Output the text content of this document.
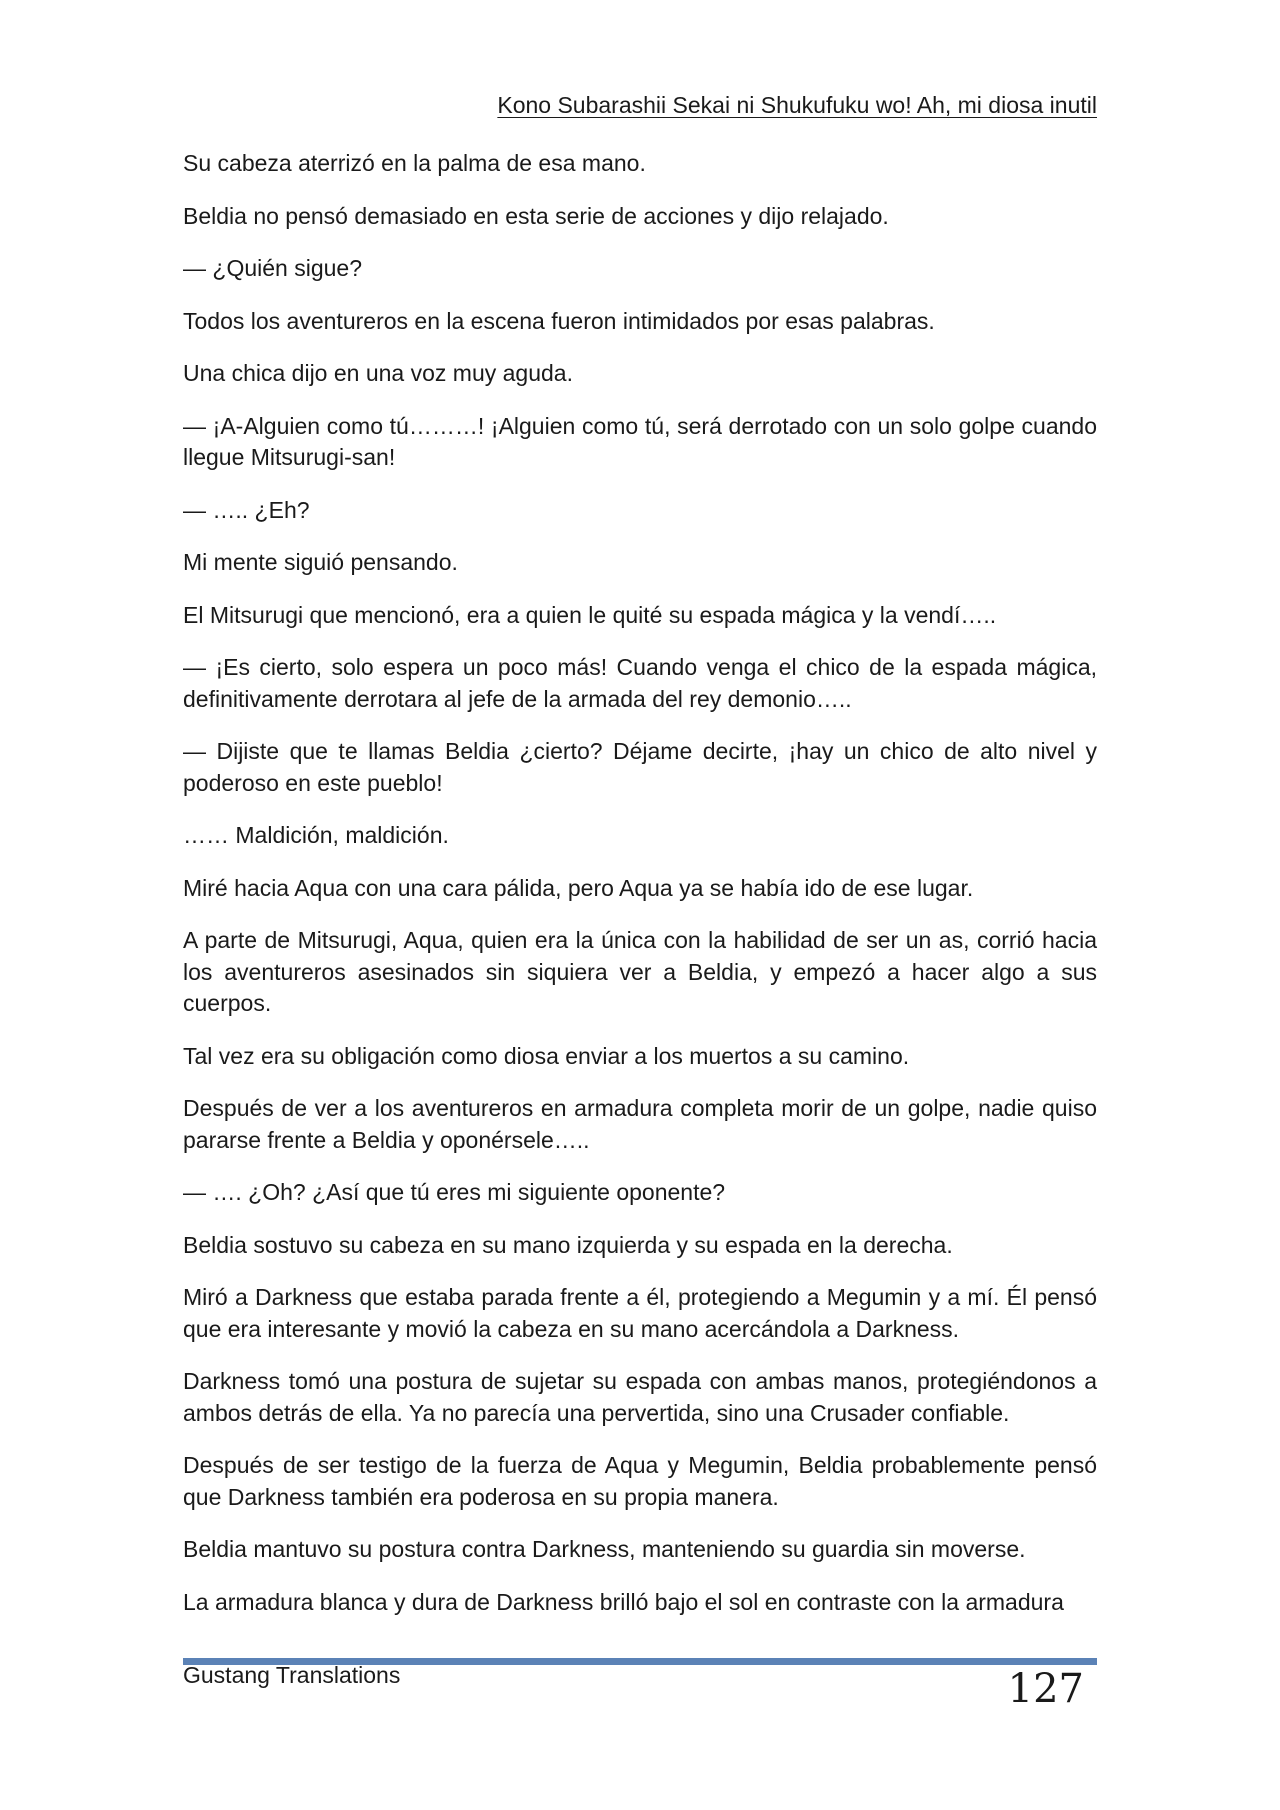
Kono Subarashii Sekai ni Shukufuku wo! Ah, mi diosa inutil

Su cabeza aterrizó en la palma de esa mano.

Beldia no pensó demasiado en esta serie de acciones y dijo relajado.

— ¿Quién sigue?

Todos los aventureros en la escena fueron intimidados por esas palabras.

Una chica dijo en una voz muy aguda.

— ¡A-Alguien como tú………! ¡Alguien como tú, será derrotado con un solo golpe cuando llegue Mitsurugi-san!

— ….. ¿Eh?

Mi mente siguió pensando.

El Mitsurugi que mencionó, era a quien le quité su espada mágica y la vendí…..

— ¡Es cierto, solo espera un poco más! Cuando venga el chico de la espada mágica, definitivamente derrotara al jefe de la armada del rey demonio…..

— Dijiste que te llamas Beldia ¿cierto? Déjame decirte, ¡hay un chico de alto nivel y poderoso en este pueblo!

…… Maldición, maldición.

Miré hacia Aqua con una cara pálida, pero Aqua ya se había ido de ese lugar.

A parte de Mitsurugi, Aqua, quien era la única con la habilidad de ser un as, corrió hacia los aventureros asesinados sin siquiera ver a Beldia, y empezó a hacer algo a sus cuerpos.

Tal vez era su obligación como diosa enviar a los muertos a su camino.

Después de ver a los aventureros en armadura completa morir de un golpe, nadie quiso pararse frente a Beldia y oponérsele…..

— …. ¿Oh? ¿Así que tú eres mi siguiente oponente?

Beldia sostuvo su cabeza en su mano izquierda y su espada en la derecha.

Miró a Darkness que estaba parada frente a él, protegiendo a Megumin y a mí. Él pensó que era interesante y movió la cabeza en su mano acercándola a Darkness.

Darkness tomó una postura de sujetar su espada con ambas manos, protegiéndonos a ambos detrás de ella. Ya no parecía una pervertida, sino una Crusader confiable.

Después de ser testigo de la fuerza de Aqua y Megumin, Beldia probablemente pensó que Darkness también era poderosa en su propia manera.

Beldia mantuvo su postura contra Darkness, manteniendo su guardia sin moverse.

La armadura blanca y dura de Darkness brilló bajo el sol en contraste con la armadura

Gustang Translations	127
